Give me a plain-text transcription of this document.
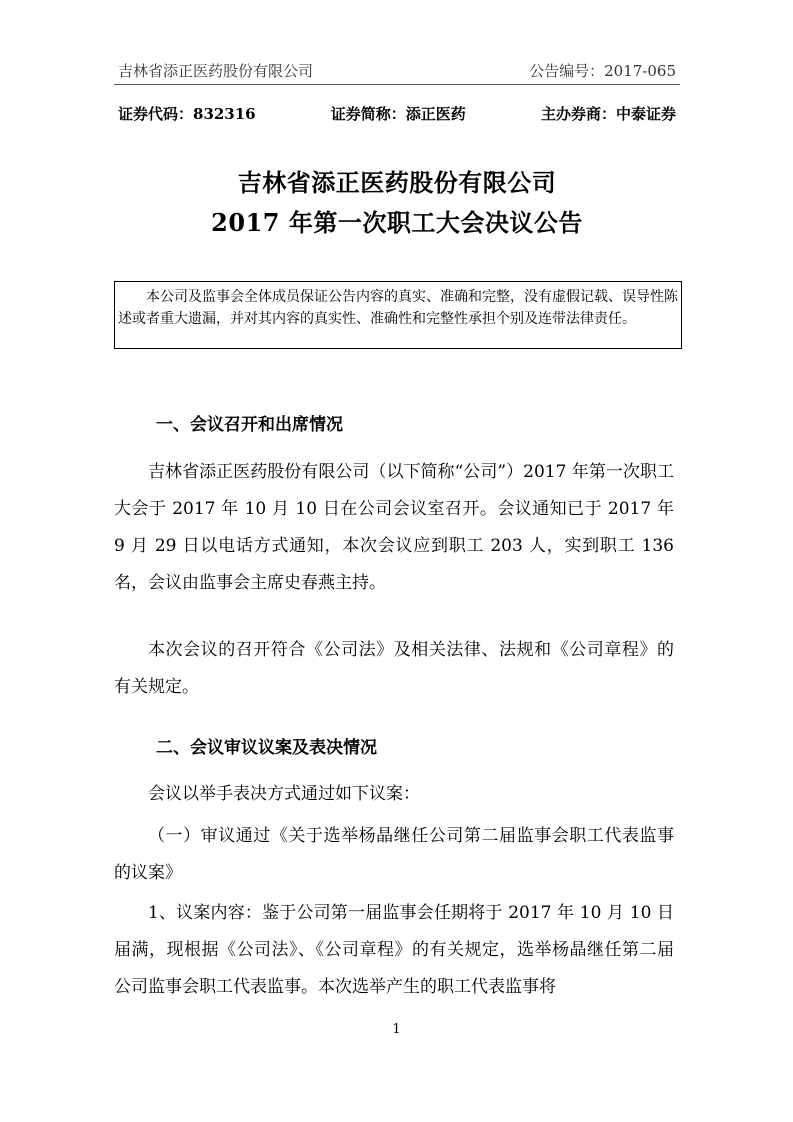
吉林省添正医药股份有限公司	公告编号：2017-065
证券代码：832316	证券简称：添正医药	主办券商：中泰证券
吉林省添正医药股份有限公司
2017 年第一次职工大会决议公告
本公司及监事会全体成员保证公告内容的真实、准确和完整，没有虚假记载、误导性陈述或者重大遗漏，并对其内容的真实性、准确性和完整性承担个别及连带法律责任。
一、会议召开和出席情况
吉林省添正医药股份有限公司（以下简称“公司”）2017 年第一次职工大会于 2017 年 10 月 10 日在公司会议室召开。会议通知已于 2017 年 9 月 29 日以电话方式通知，本次会议应到职工 203 人，实到职工 136 名，会议由监事会主席史春燕主持。
本次会议的召开符合《公司法》及相关法律、法规和《公司章程》的有关规定。
二、会议审议议案及表决情况
会议以举手表决方式通过如下议案：
（一）审议通过《关于选举杨晶继任公司第二届监事会职工代表监事的议案》
1、议案内容：鉴于公司第一届监事会任期将于 2017 年 10 月 10 日届满，现根据《公司法》、《公司章程》的有关规定，选举杨晶继任第二届公司监事会职工代表监事。本次选举产生的职工代表监事将
1
